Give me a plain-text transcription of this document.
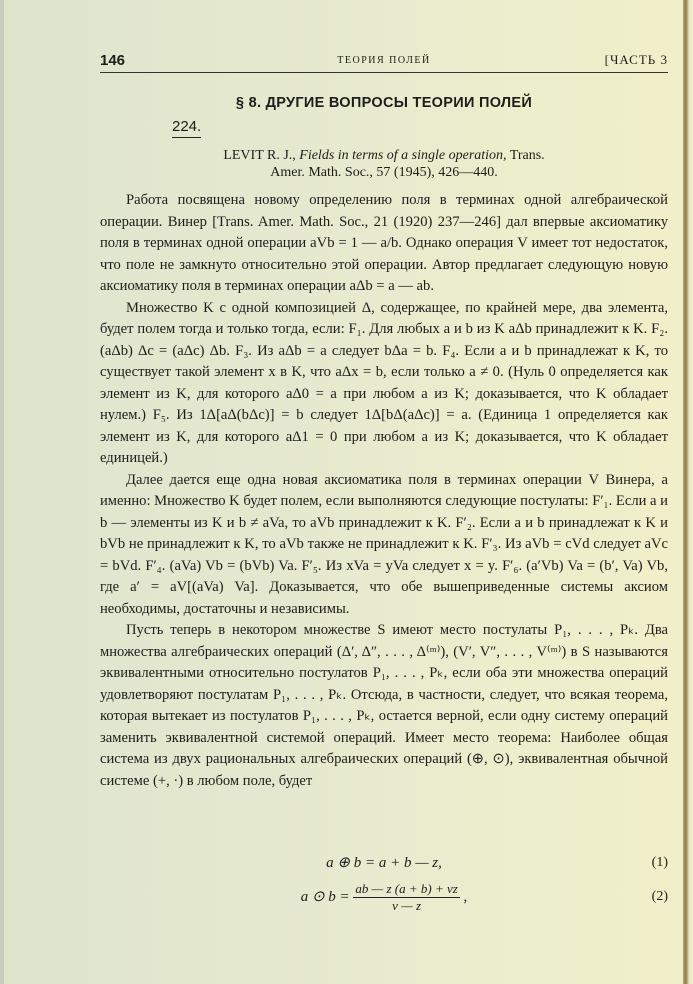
146	ТЕОРИЯ ПОЛЕЙ	[ЧАСТЬ 3
§ 8. ДРУГИЕ ВОПРОСЫ ТЕОРИИ ПОЛЕЙ
224.
LEVIT R. J., Fields in terms of a single operation, Trans.
Amer. Math. Soc., 57 (1945), 426—440.

Работа посвящена новому определению поля в терминах одной алгебраической операции. Винер [Trans. Amer. Math. Soc., 21 (1920) 237—246] дал впервые аксиоматику поля в терминах одной операции aVb = 1 — a/b. Однако операция V имеет тот недостаток, что поле не замкнуто относительно этой операции. Автор предлагает следующую новую аксиоматику поля в терминах операции aΔb = a — ab.

Множество K с одной композицией Δ, содержащее, по крайней мере, два элемента, будет полем тогда и только тогда, если: F₁. Для любых a и b из K aΔb принадлежит к K. F₂. (aΔb) Δc = (aΔc) Δb. F₃. Из aΔb = a следует bΔa = b. F₄. Если a и b принадлежат к K, то существует такой элемент x в K, что aΔx = b, если только a ≠ 0. (Нуль 0 определяется как элемент из K, для которого aΔ0 = a при любом a из K; доказывается, что K обладает нулем.) F₅. Из 1Δ[aΔ(bΔc)] = b следует 1Δ[bΔ(aΔc)] = a. (Единица 1 определяется как элемент из K, для которого aΔ1 = 0 при любом a из K; доказывается, что K обладает единицей.)

Далее дается еще одна новая аксиоматика поля в терминах операции V Винера, а именно: Множество K будет полем, если выполняются следующие постулаты: F′₁. Если a и b — элементы из K и b ≠ aVa, то aVb принадлежит к K. F′₂. Если a и b принадлежат к K и bVb не принадлежит к K, то aVb также не принадлежит к K. F′₃. Из aVb = cVd следует aVc = bVd. F′₄. (aVa) Vb = (bVb) Va. F′₅. Из xVa = yVa следует x = y. F′₆. (a′Vb) Va = (b′, Va) Vb, где a′ = aV[(aVa) Va]. Доказывается, что обе вышеприведенные системы аксиом необходимы, достаточны и независимы.

Пусть теперь в некотором множестве S имеют место постулаты P₁, . . . , Pₖ. Два множества алгебраических операций (Δ′, Δ″, . . . , Δ⁽ᵐ⁾), (V′, V″, . . . , V⁽ᵐ⁾) в S называются эквивалентными относительно постулатов P₁, . . . , Pₖ, если оба эти множества операций удовлетворяют постулатам P₁, . . . , Pₖ. Отсюда, в частности, следует, что всякая теорема, которая вытекает из постулатов P₁, . . . , Pₖ, остается верной, если одну систему операций заменить эквивалентной системой операций. Имеет место теорема: Наиболее общая система из двух рациональных алгебраических операций (⊕, ⊙), эквивалентная обычной системе (+, ·) в любом поле, будет

a ⊕ b = a + b — z,	(1)
a ⊙ $b = \frac{ab — z (a + b) + vz}{v — z}$ ,	(2)
